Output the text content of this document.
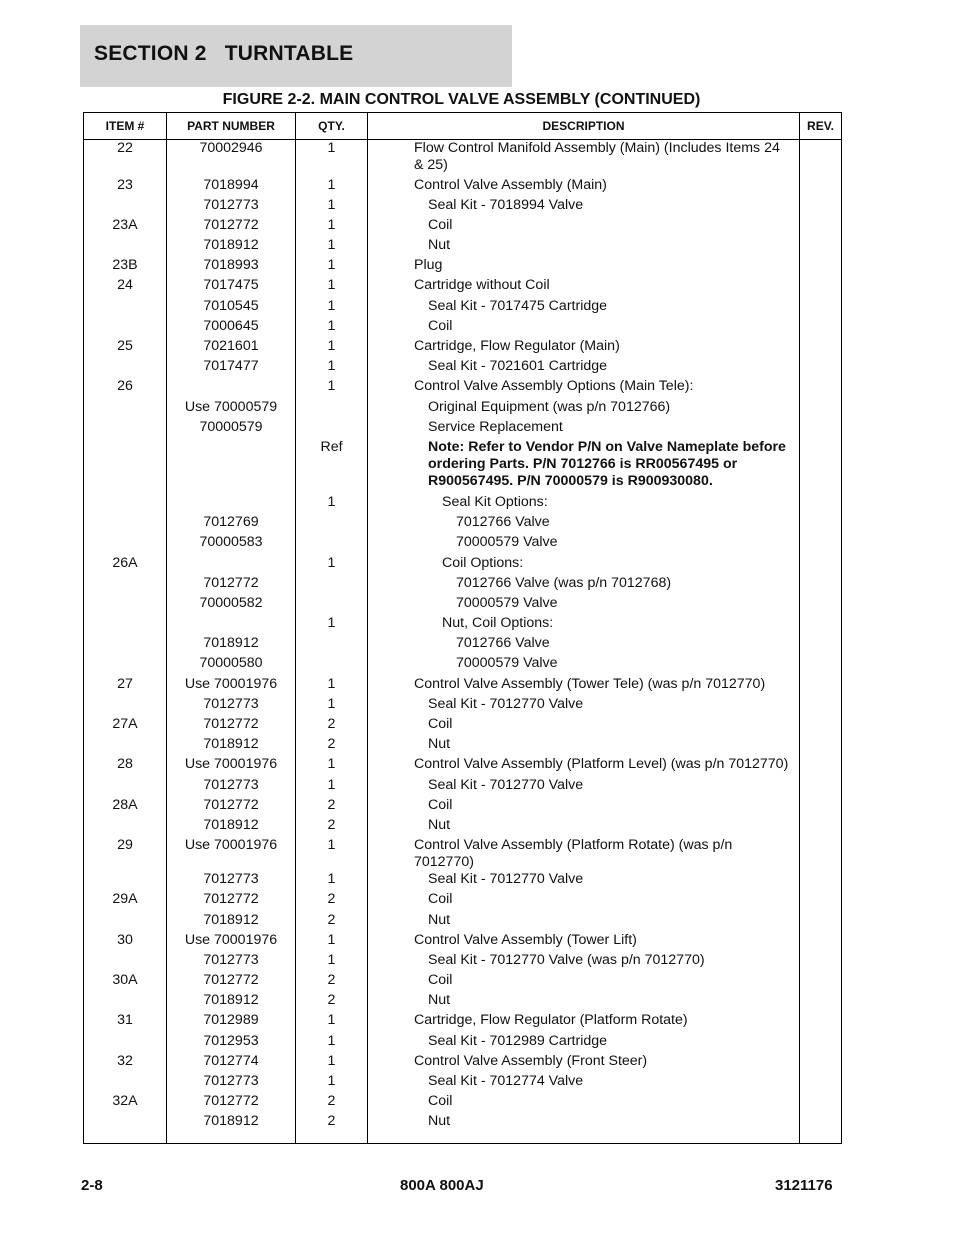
SECTION 2   TURNTABLE
FIGURE 2-2. MAIN CONTROL VALVE ASSEMBLY (CONTINUED)
ITEM #	PART NUMBER	QTY.	DESCRIPTION	REV.
22	70002946	1	Flow Control Manifold Assembly (Main) (Includes Items 24 & 25)	

23	7018994	1	Control Valve Assembly (Main)	

	7012773	1	Seal Kit - 7018994 Valve	

23A	7012772	1	Coil	

	7018912	1	Nut	

23B	7018993	1	Plug	

24	7017475	1	Cartridge without Coil	

	7010545	1	Seal Kit - 7017475 Cartridge	

	7000645	1	Coil	

25	7021601	1	Cartridge, Flow Regulator (Main)	

	7017477	1	Seal Kit - 7021601 Cartridge	

26		1	Control Valve Assembly Options (Main Tele):	

	Use 70000579		Original Equipment (was p/n 7012766)	

	70000579		Service Replacement	

		Ref	Note: Refer to Vendor P/N on Valve Nameplate before ordering Parts. P/N 7012766 is RR00567495 or R900567495. P/N 70000579 is R900930080.	

		1	Seal Kit Options:	

	7012769		7012766 Valve	

	70000583		70000579 Valve	

26A		1	Coil Options:	

	7012772		7012766 Valve (was p/n 7012768)	

	70000582		70000579 Valve	

		1	Nut, Coil Options:	

	7018912		7012766 Valve	

	70000580		70000579 Valve	

27	Use 70001976	1	Control Valve Assembly (Tower Tele) (was p/n 7012770)	

	7012773	1	Seal Kit - 7012770 Valve	

27A	7012772	2	Coil	

	7018912	2	Nut	

28	Use 70001976	1	Control Valve Assembly (Platform Level) (was p/n 7012770)	

	7012773	1	Seal Kit - 7012770 Valve	

28A	7012772	2	Coil	

	7018912	2	Nut	

29	Use 70001976	1	Control Valve Assembly (Platform Rotate) (was p/n 7012770)	

	7012773	1	Seal Kit - 7012770 Valve	

29A	7012772	2	Coil	

	7018912	2	Nut	

30	Use 70001976	1	Control Valve Assembly (Tower Lift)	

	7012773	1	Seal Kit - 7012770 Valve (was p/n 7012770)	

30A	7012772	2	Coil	

	7018912	2	Nut	

31	7012989	1	Cartridge, Flow Regulator (Platform Rotate)	

	7012953	1	Seal Kit - 7012989 Cartridge	

32	7012774	1	Control Valve Assembly (Front Steer)	

	7012773	1	Seal Kit - 7012774 Valve	

32A	7012772	2	Coil	

	7018912	2	Nut	

2-8	800A 800AJ	3121176
